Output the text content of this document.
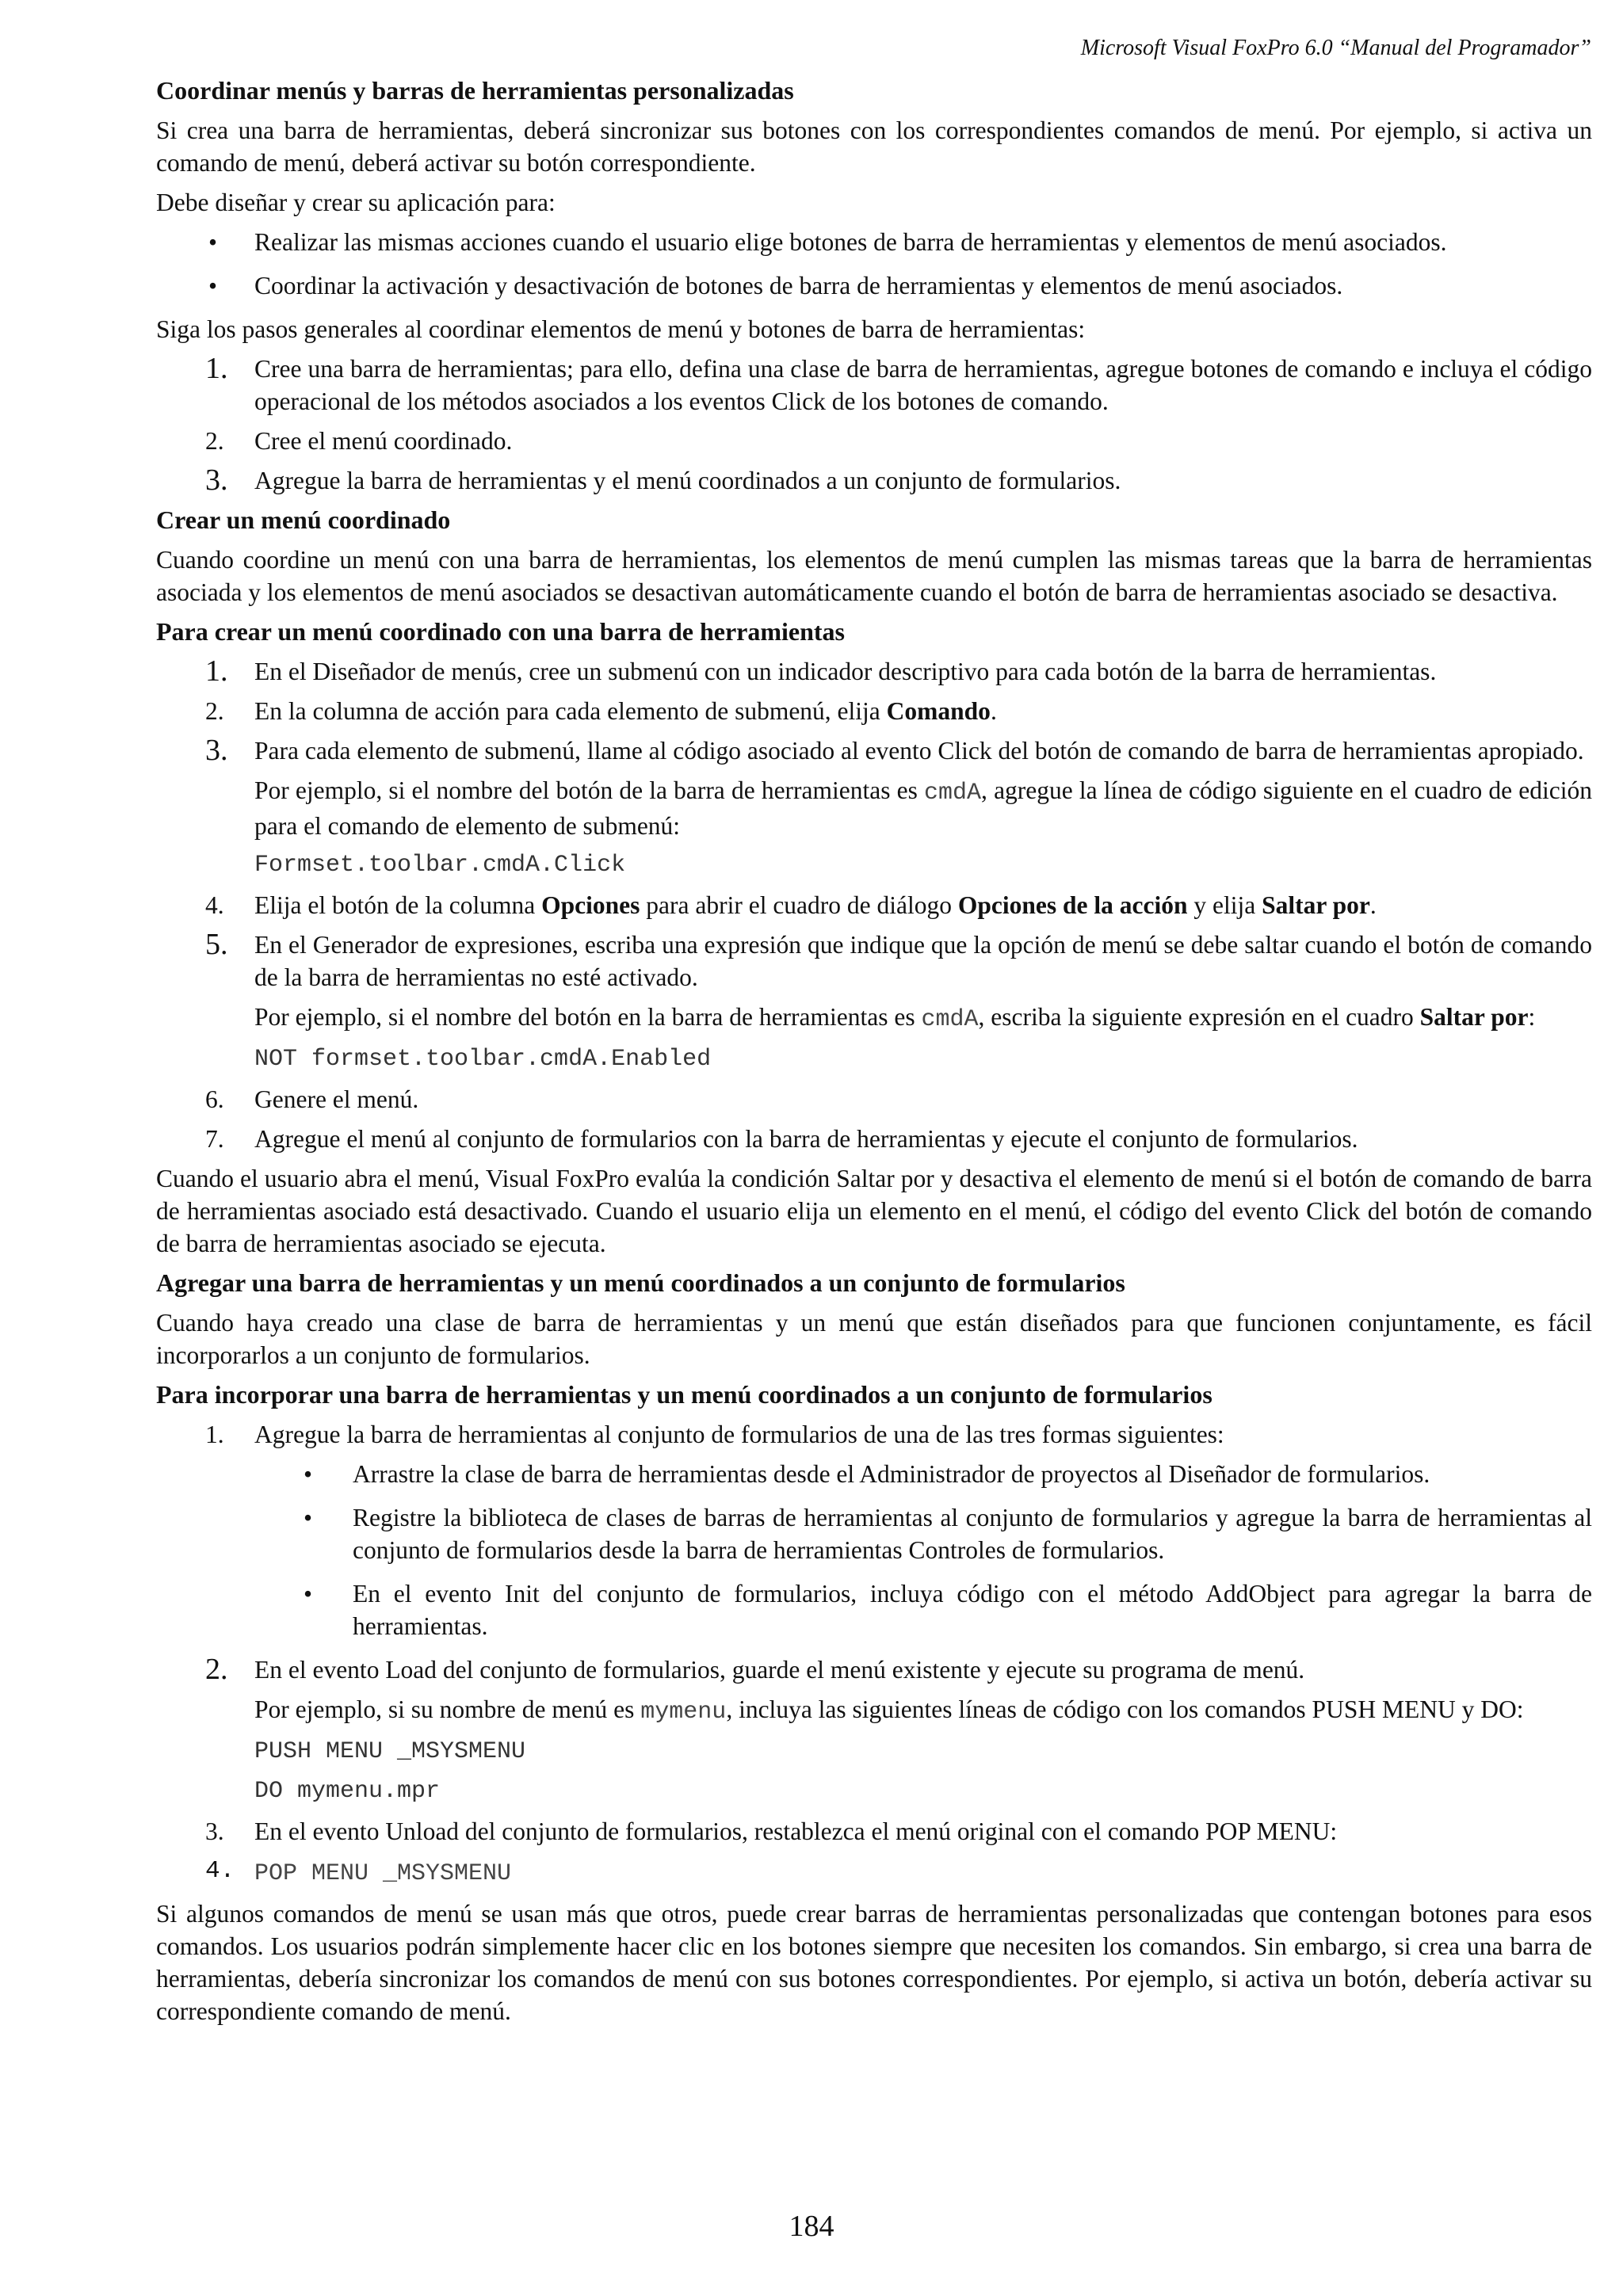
Microsoft Visual FoxPro 6.0 “Manual del Programador”
Coordinar menús y barras de herramientas personalizadas

Si crea una barra de herramientas, deberá sincronizar sus botones con los correspondientes comandos de menú. Por ejemplo, si activa un comando de menú, deberá activar su botón correspondiente.

Debe diseñar y crear su aplicación para:

• Realizar las mismas acciones cuando el usuario elige botones de barra de herramientas y elementos de menú asociados.
• Coordinar la activación y desactivación de botones de barra de herramientas y elementos de menú asociados.

Siga los pasos generales al coordinar elementos de menú y botones de barra de herramientas:

1.	Cree una barra de herramientas; para ello, defina una clase de barra de herramientas, agregue botones de comando e incluya el código operacional de los métodos asociados a los eventos Click de los botones de comando.
2.	Cree el menú coordinado.
3.	Agregue la barra de herramientas y el menú coordinados a un conjunto de formularios.
Crear un menú coordinado

Cuando coordine un menú con una barra de herramientas, los elementos de menú cumplen las mismas tareas que la barra de herramientas asociada y los elementos de menú asociados se desactivan automáticamente cuando el botón de barra de herramientas asociado se desactiva.

Para crear un menú coordinado con una barra de herramientas
1.	En el Diseñador de menús, cree un submenú con un indicador descriptivo para cada botón de la barra de herramientas.
2.	En la columna de acción para cada elemento de submenú, elija Comando.
3.	Para cada elemento de submenú, llame al código asociado al evento Click del botón de comando de barra de herramientas apropiado.
Por ejemplo, si el nombre del botón de la barra de herramientas es cmdA, agregue la línea de código siguiente en el cuadro de edición para el comando de elemento de submenú:
Formset.toolbar.cmdA.Click
4.	Elija el botón de la columna Opciones para abrir el cuadro de diálogo Opciones de la acción y elija Saltar por.
5.	En el Generador de expresiones, escriba una expresión que indique que la opción de menú se debe saltar cuando el botón de comando de la barra de herramientas no esté activado.
Por ejemplo, si el nombre del botón en la barra de herramientas es cmdA, escriba la siguiente expresión en el cuadro Saltar por:
NOT formset.toolbar.cmdA.Enabled
6.	Genere el menú.
7.	Agregue el menú al conjunto de formularios con la barra de herramientas y ejecute el conjunto de formularios.

Cuando el usuario abra el menú, Visual FoxPro evalúa la condición Saltar por y desactiva el elemento de menú si el botón de comando de barra de herramientas asociado está desactivado. Cuando el usuario elija un elemento en el menú, el código del evento Click del botón de comando de barra de herramientas asociado se ejecuta.

Agregar una barra de herramientas y un menú coordinados a un conjunto de formularios

Cuando haya creado una clase de barra de herramientas y un menú que están diseñados para que funcionen conjuntamente, es fácil incorporarlos a un conjunto de formularios.

Para incorporar una barra de herramientas y un menú coordinados a un conjunto de formularios
1.	Agregue la barra de herramientas al conjunto de formularios de una de las tres formas siguientes:
• Arrastre la clase de barra de herramientas desde el Administrador de proyectos al Diseñador de formularios.
• Registre la biblioteca de clases de barras de herramientas al conjunto de formularios y agregue la barra de herramientas al conjunto de formularios desde la barra de herramientas Controles de formularios.
• En el evento Init del conjunto de formularios, incluya código con el método AddObject para agregar la barra de herramientas.
2.	En el evento Load del conjunto de formularios, guarde el menú existente y ejecute su programa de menú.
Por ejemplo, si su nombre de menú es mymenu, incluya las siguientes líneas de código con los comandos PUSH MENU y DO:
PUSH MENU _MSYSMENU
DO mymenu.mpr
3.	En el evento Unload del conjunto de formularios, restablezca el menú original con el comando POP MENU:
4. POP MENU _MSYSMENU

Si algunos comandos de menú se usan más que otros, puede crear barras de herramientas personalizadas que contengan botones para esos comandos. Los usuarios podrán simplemente hacer clic en los botones siempre que necesiten los comandos. Sin embargo, si crea una barra de herramientas, debería sincronizar los comandos de menú con sus botones correspondientes. Por ejemplo, si activa un botón, debería activar su correspondiente comando de menú.

184
